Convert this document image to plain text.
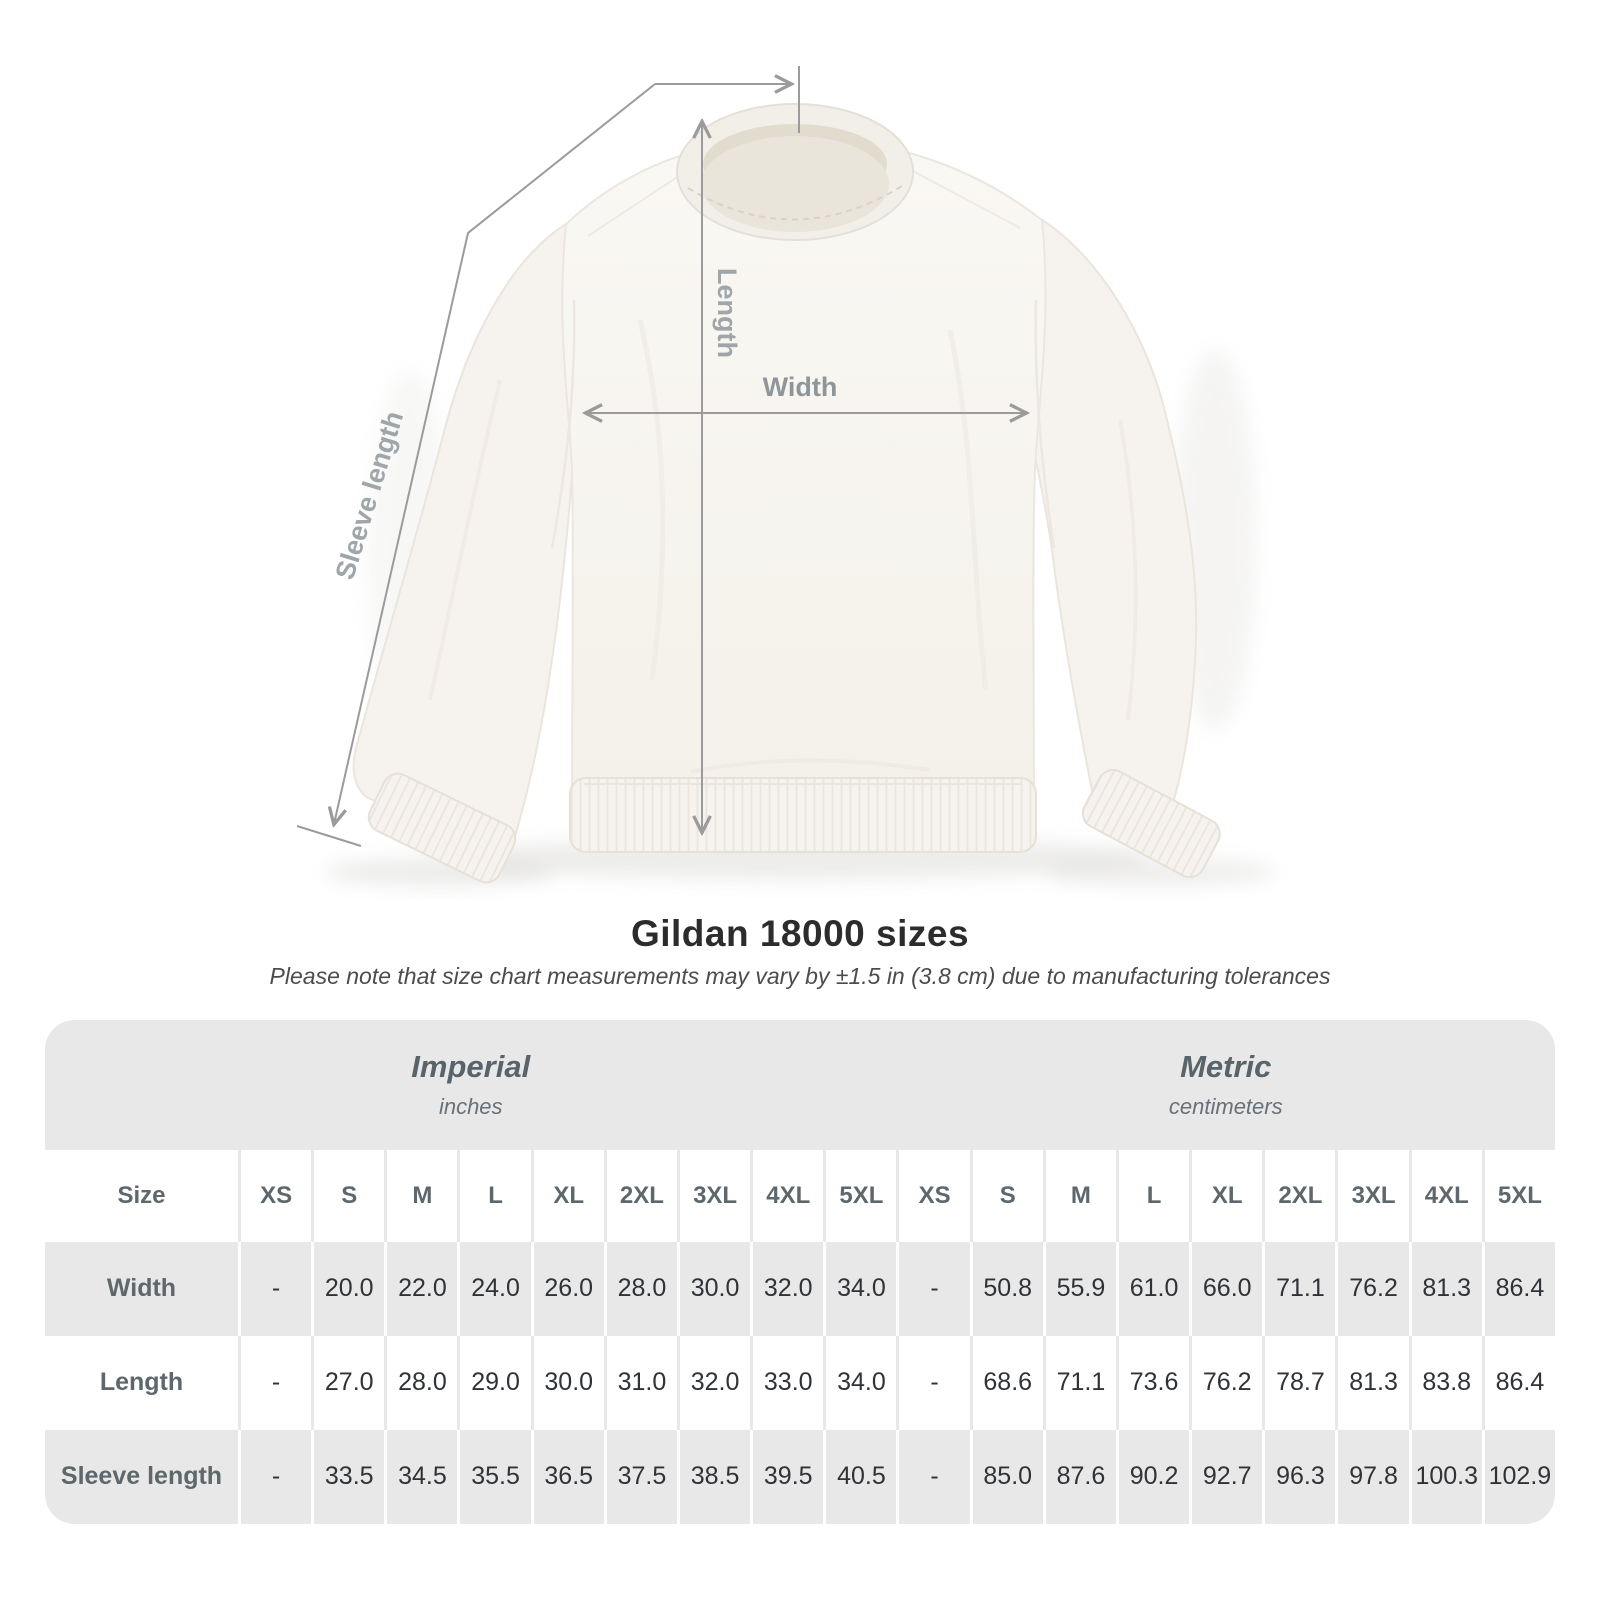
Width
Length
Sleeve length
Gildan 18000 sizes

Please note that size chart measurements may vary by ±1.5 in (3.8 cm) due to manufacturing tolerances

Imperial
inches
Metric
centimeters
Size	XS	S	M	L	XL	2XL	3XL	4XL	5XL	XS	S	M	L	XL	2XL	3XL	4XL	5XL
Width	-	20.0 22.0 24.0 26.0 28.0 30.0 32.0 34.0	-	50.8 55.9 61.0 66.0 71.1 76.2 81.3 86.4
Length	-	27.0 28.0 29.0 30.0 31.0 32.0 33.0 34.0	-	68.6 71.1 73.6 76.2 78.7 81.3 83.8 86.4
Sleeve length	-	33.5 34.5 35.5 36.5 37.5 38.5 39.5 40.5	-	85.0 87.6 90.2 92.7 96.3 97.8 100.3 102.9
